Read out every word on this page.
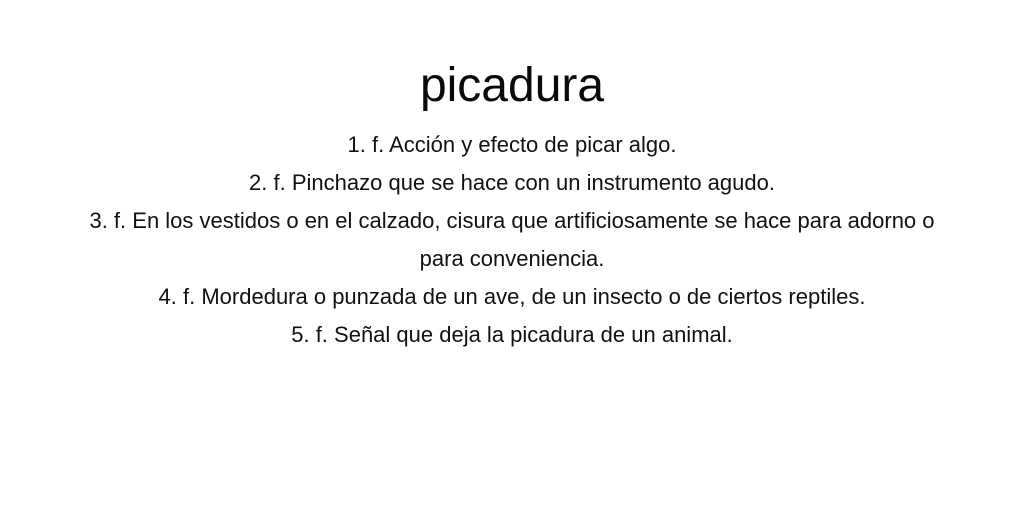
picadura
1. f. Acción y efecto de picar algo.
2. f. Pinchazo que se hace con un instrumento agudo.
3. f. En los vestidos o en el calzado, cisura que artificiosamente se hace para adorno o para conveniencia.
4. f. Mordedura o punzada de un ave, de un insecto o de ciertos reptiles.
5. f. Señal que deja la picadura de un animal.
